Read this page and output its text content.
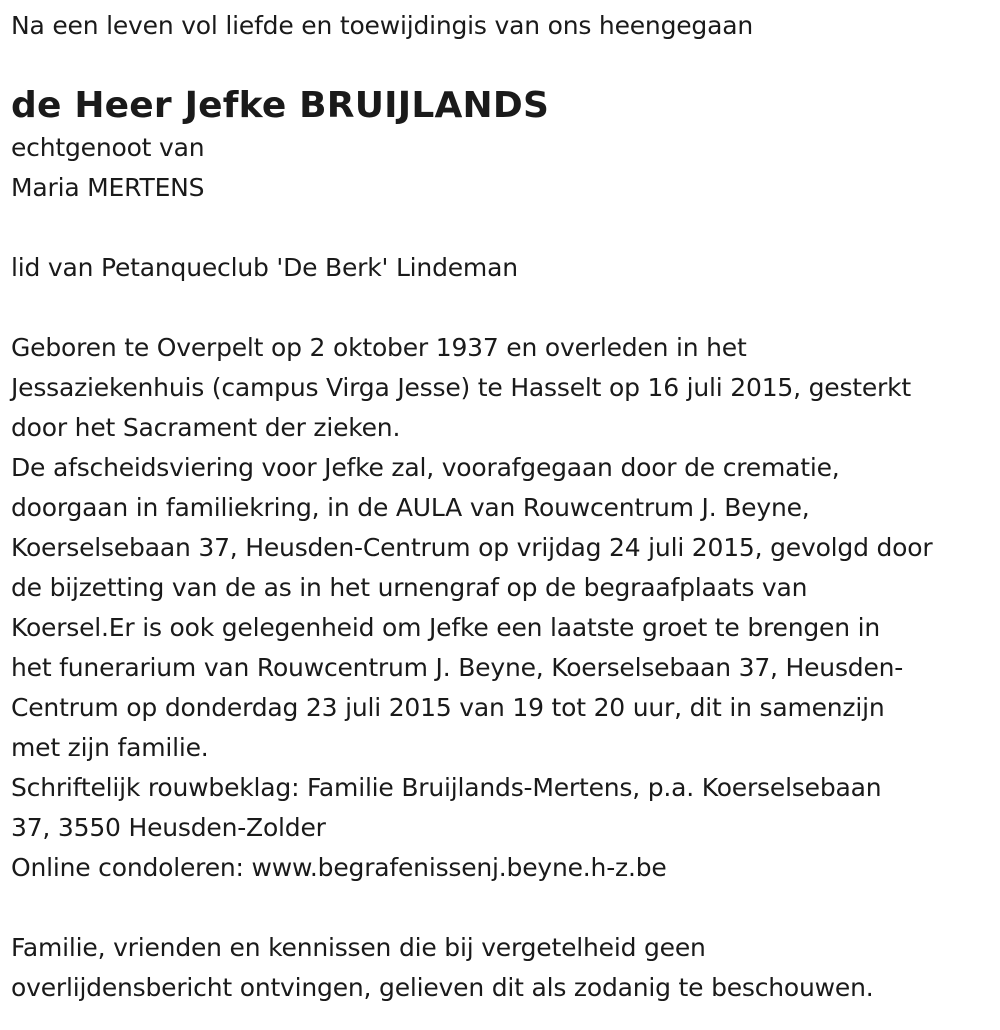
Na een leven vol liefde en toewijdingis van ons heengegaan
de Heer Jefke BRUIJLANDS
echtgenoot van
Maria MERTENS
lid van Petanqueclub 'De Berk' Lindeman
Geboren te Overpelt op 2 oktober 1937 en overleden in het
Jessaziekenhuis (campus Virga Jesse) te Hasselt op 16 juli 2015, gesterkt
door het Sacrament der zieken.
De afscheidsviering voor Jefke zal, voorafgegaan door de crematie,
doorgaan in familiekring, in de AULA van Rouwcentrum J. Beyne,
Koerselsebaan 37, Heusden-Centrum op vrijdag 24 juli 2015, gevolgd door
de bijzetting van de as in het urnengraf op de begraafplaats van
Koersel.Er is ook gelegenheid om Jefke een laatste groet te brengen in
het funerarium van Rouwcentrum J. Beyne, Koerselsebaan 37, Heusden-
Centrum op donderdag 23 juli 2015 van 19 tot 20 uur, dit in samenzijn
met zijn familie.
Schriftelijk rouwbeklag: Familie Bruijlands-Mertens, p.a. Koerselsebaan
37, 3550 Heusden-Zolder
Online condoleren: www.begrafenissenj.beyne.h-z.be
Familie, vrienden en kennissen die bij vergetelheid geen
overlijdensbericht ontvingen, gelieven dit als zodanig te beschouwen.
